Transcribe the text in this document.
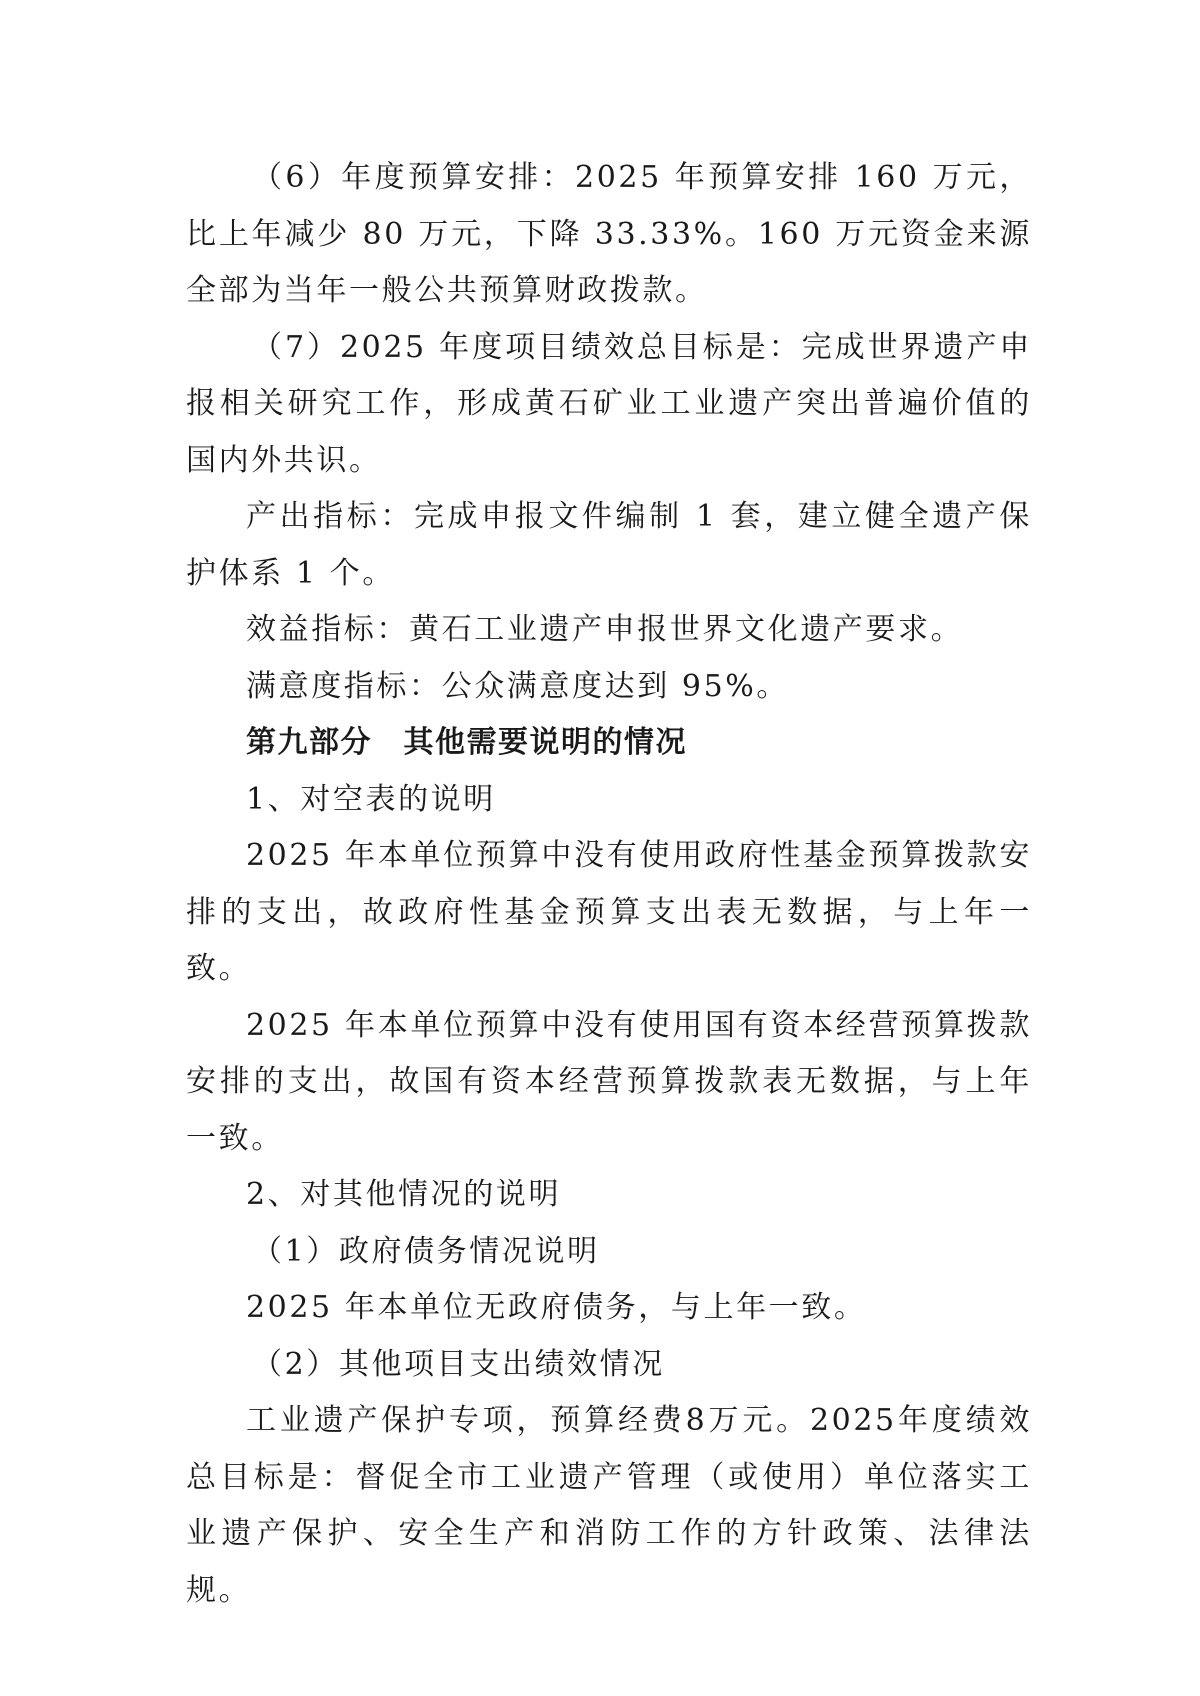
（6）年度预算安排：2025 年预算安排 160 万元，比上年减少 80 万元，下降 33.33%。160 万元资金来源全部为当年一般公共预算财政拨款。

（7）2025 年度项目绩效总目标是：完成世界遗产申报相关研究工作，形成黄石矿业工业遗产突出普遍价值的国内外共识。

产出指标：完成申报文件编制 1 套，建立健全遗产保护体系 1 个。

效益指标：黄石工业遗产申报世界文化遗产要求。

满意度指标：公众满意度达到 95%。

第九部分　其他需要说明的情况

1、对空表的说明

2025 年本单位预算中没有使用政府性基金预算拨款安排的支出，故政府性基金预算支出表无数据，与上年一致。

2025 年本单位预算中没有使用国有资本经营预算拨款安排的支出，故国有资本经营预算拨款表无数据，与上年一致。

2、对其他情况的说明

（1）政府债务情况说明

2025 年本单位无政府债务，与上年一致。

（2）其他项目支出绩效情况

工业遗产保护专项，预算经费8万元。2025年度绩效总目标是：督促全市工业遗产管理（或使用）单位落实工业遗产保护、安全生产和消防工作的方针政策、法律法规。
